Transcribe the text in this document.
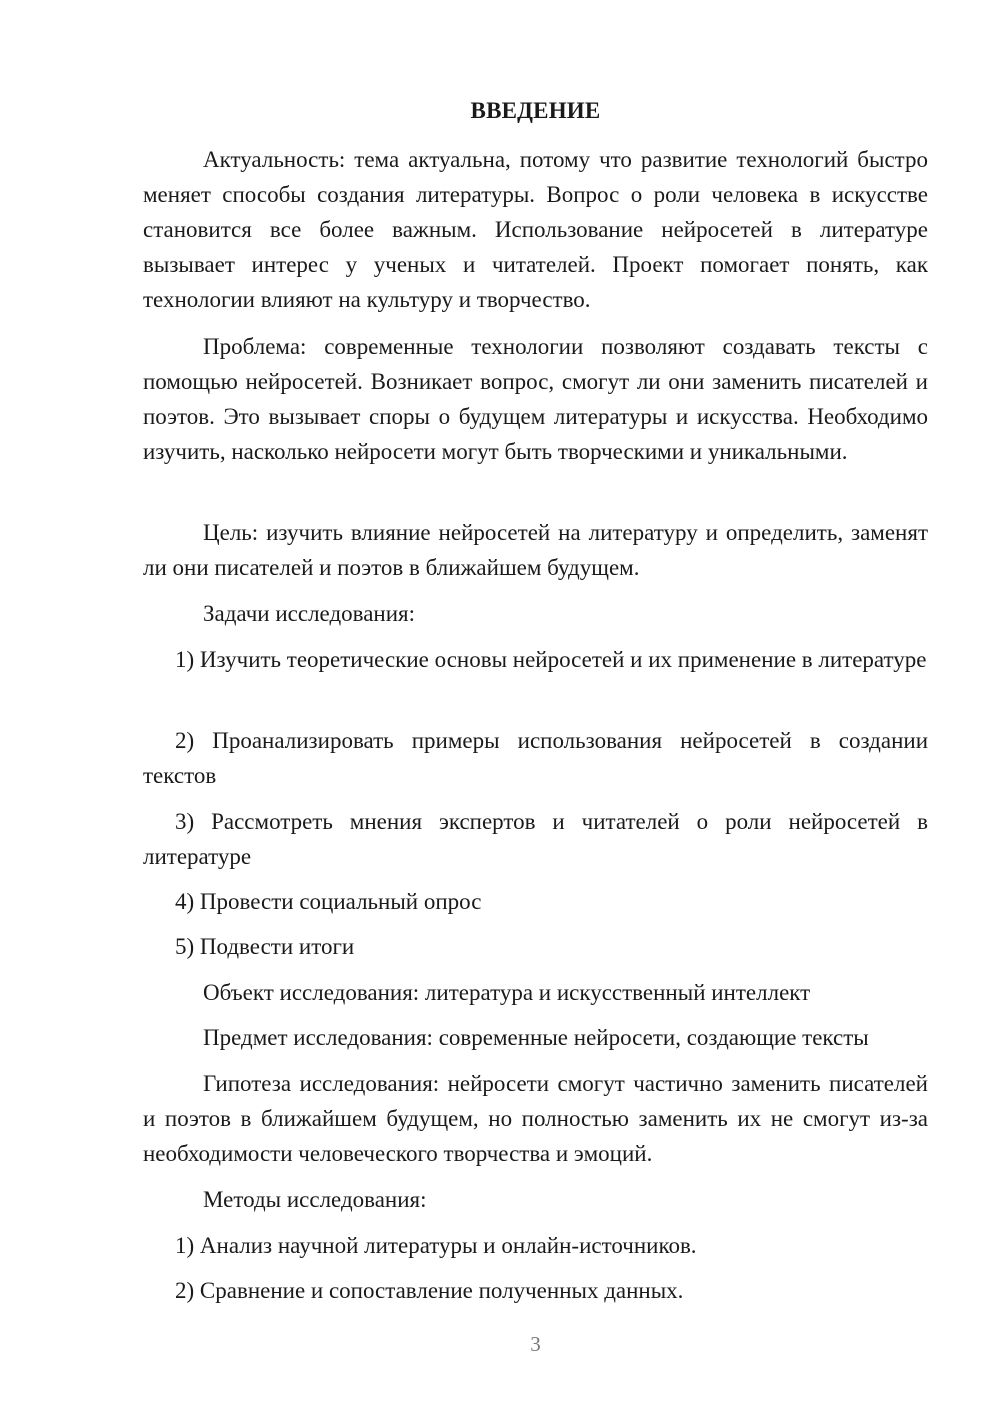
ВВЕДЕНИЕ

Актуальность: тема актуальна, потому что развитие технологий быстро меняет способы создания литературы. Вопрос о роли человека в искусстве становится все более важным. Использование нейросетей в литературе вызывает интерес у ученых и читателей. Проект помогает понять, как технологии влияют на культуру и творчество.

Проблема: современные технологии позволяют создавать тексты с помощью нейросетей. Возникает вопрос, смогут ли они заменить писателей и поэтов. Это вызывает споры о будущем литературы и искусства. Необходимо изучить, насколько нейросети могут быть творческими и уникальными.

Цель: изучить влияние нейросетей на литературу и определить, заменят ли они писателей и поэтов в ближайшем будущем.

Задачи исследования:

1) Изучить теоретические основы нейросетей и их применение в литературе

2) Проанализировать примеры использования нейросетей в создании текстов

3) Рассмотреть мнения экспертов и читателей о роли нейросетей в литературе

4) Провести социальный опрос

5) Подвести итоги

Объект исследования: литература и искусственный интеллект

Предмет исследования: современные нейросети, создающие тексты

Гипотеза исследования: нейросети смогут частично заменить писателей и поэтов в ближайшем будущем, но полностью заменить их не смогут из-за необходимости человеческого творчества и эмоций.

Методы исследования:

1) Анализ научной литературы и онлайн-источников.

2) Сравнение и сопоставление полученных данных.

3
